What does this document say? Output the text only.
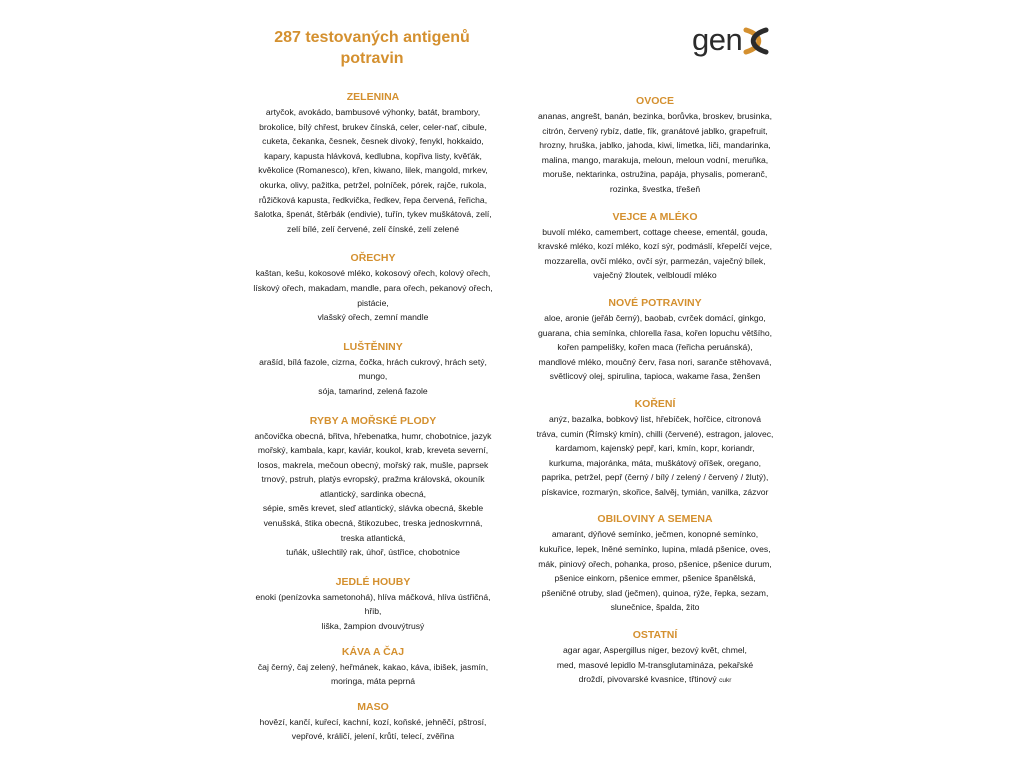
287 testovaných antigenů
potravin
gen
ZELENINA
artyčok, avokádo, bambusové výhonky, batát, brambory,
brokolice, bílý chřest, brukev čínská, celer, celer-nať, cibule,
cuketa, čekanka, česnek, česnek divoký, fenykl, hokkaido,
kapary, kapusta hlávková, kedlubna, kopřiva listy, kvěťák,
kvěkolice (Romanesco), křen, kiwano, lilek, mangold, mrkev,
okurka, olivy, pažitka, petržel, polníček, pórek, rajče, rukola,
růžičková kapusta, ředkvička, ředkev, řepa červená, řeřicha,
šalotka, špenát, štěrbák (endivie), tuřín, tykev muškátová, zelí,
zelí bílé, zelí červené, zelí čínské, zelí zelené
OŘECHY
kaštan, kešu, kokosové mléko, kokosový ořech, kolový ořech,
lískový ořech, makadam, mandle, para ořech, pekanový ořech,
pistácie,
vlašský ořech, zemní mandle
LUŠTĚNINY
arašíd, bílá fazole, cizrna, čočka, hrách cukrový, hrách setý,
mungo,
sója, tamarind, zelená fazole
RYBY A MOŘSKÉ PLODY
ančovička obecná, břitva, hřebenatka, humr, chobotnice, jazyk
mořský, kambala, kapr, kaviár, koukol, krab, kreveta severní,
losos, makrela, mečoun obecný, mořský rak, mušle, paprsek
trnový, pstruh, platýs evropský, pražma královská, okouník
atlantický, sardinka obecná,
sépie, směs krevet, sleď atlantický, slávka obecná, škeble
venušská, štika obecná, štikozubec, treska jednoskvrnná,
treska atlantická,
tuňák, ušlechtilý rak, úhoř, ústřice, chobotnice
JEDLÉ HOUBY
enoki (penízovka sametonohá), hlíva máčková, hlíva ústřičná,
hřib,
liška, žampion dvouvýtrusý
KÁVA A ČAJ
čaj černý, čaj zelený, heřmánek, kakao, káva, ibišek, jasmín,
moringa, máta peprná
MASO
hovězí, kančí, kuřecí, kachní, kozí, koňské, jehněčí, pštrosí,
vepřové, králičí, jelení, krůtí, telecí, zvěřina
OVOCE
ananas, angrešt, banán, bezinka, borůvka, broskev, brusinka,
citrón, červený rybíz, datle, fík, granátové jablko, grapefruit,
hrozny, hruška, jablko, jahoda, kiwi, limetka, liči, mandarinka,
malina, mango, marakuja, meloun, meloun vodní, meruňka,
moruše, nektarinka, ostružina, papája, physalis, pomeranč,
rozinka, švestka, třešeň
VEJCE A MLÉKO
buvolí mléko, camembert, cottage cheese, ementál, gouda,
kravské mléko, kozí mléko, kozí sýr, podmáslí, křepelčí vejce,
mozzarella, ovčí mléko, ovčí sýr, parmezán, vaječný bílek,
vaječný žloutek, velbloudí mléko
NOVÉ POTRAVINY
aloe, aronie (jeřáb černý), baobab, cvrček domácí, ginkgo,
guarana, chia semínka, chlorella řasa, kořen lopuchu většího,
kořen pampelišky, kořen maca (řeřicha peruánská),
mandlové mléko, moučný červ, řasa nori, saranče stěhovavá,
světlicový olej, spirulina, tapioca, wakame řasa, ženšen
KOŘENÍ
anýz, bazalka, bobkový list, hřebíček, hořčice, citronová
tráva, cumin (Římský kmín), chilli (červené), estragon, jalovec,
kardamom, kajenský pepř, kari, kmín, kopr, koriandr,
kurkuma, majoránka, máta, muškátový oříšek, oregano,
paprika, petržel, pepř (černý / bílý / zelený / červený / žlutý),
pískavice, rozmarýn, skořice, šalvěj, tymián, vanilka, zázvor
OBILOVINY A SEMENA
amarant, dýňové semínko, ječmen, konopné semínko,
kukuřice, lepek, lněné semínko, lupina, mladá pšenice, oves,
mák, piniový ořech, pohanka, proso, pšenice, pšenice durum,
pšenice einkorn, pšenice emmer, pšenice španělská,
pšeničné otruby, slad (ječmen), quinoa, rýže, řepka, sezam,
slunečnice, špalda, žito
OSTATNÍ
agar agar, Aspergillus niger, bezový květ, chmel,
med, masové lepidlo M-transglutamináza, pekařské
droždí, pivovarské kvasnice, třtinový cukr
